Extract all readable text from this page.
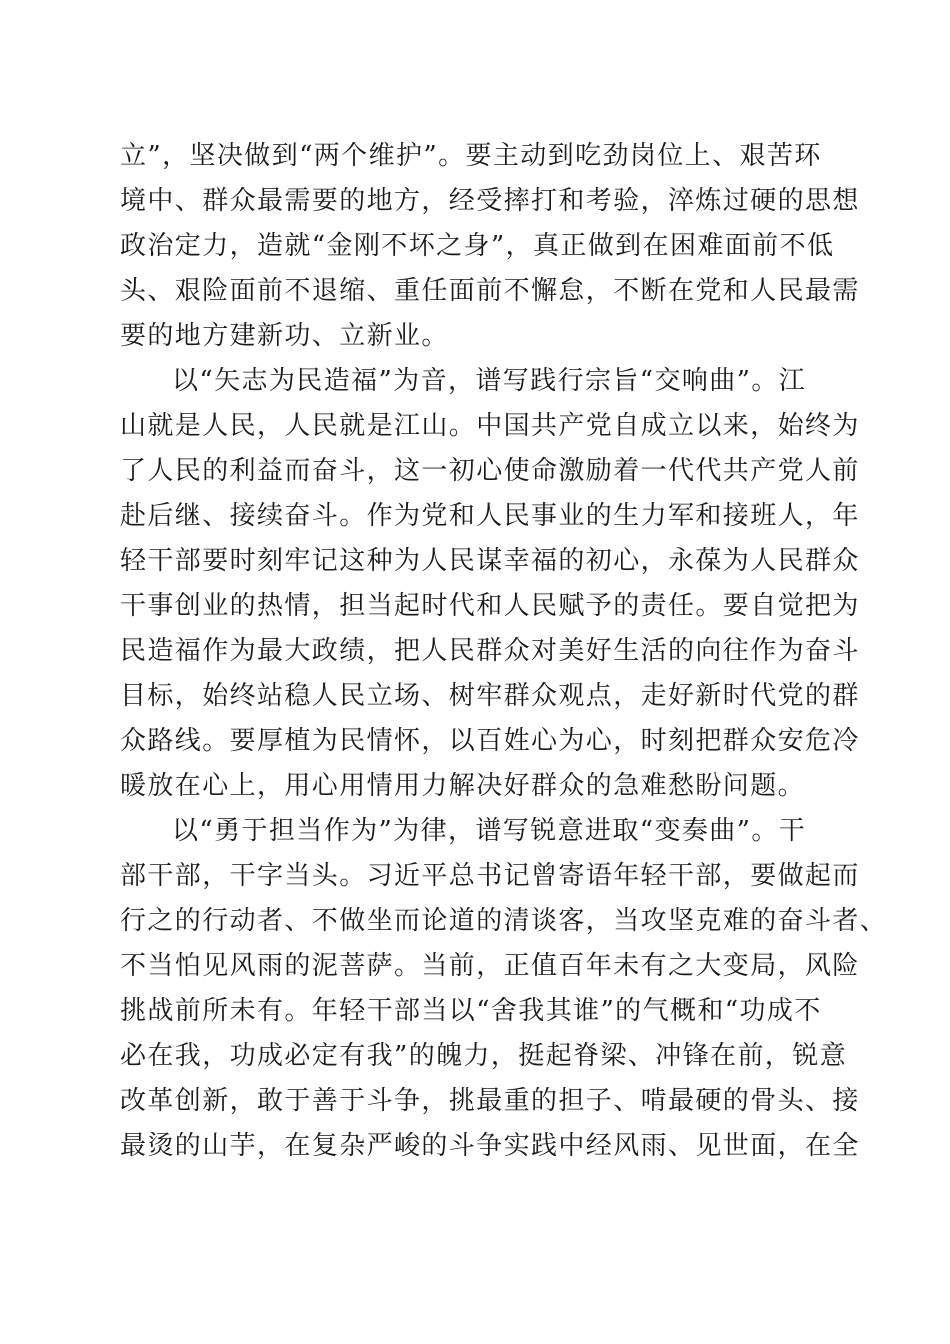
立”，坚决做到“两个维护”。要主动到吃劲岗位上、艰苦环
境中、群众最需要的地方，经受摔打和考验，淬炼过硬的思想
政治定力，造就“金刚不坏之身”，真正做到在困难面前不低
头、艰险面前不退缩、重任面前不懈怠，不断在党和人民最需
要的地方建新功、立新业。
以“矢志为民造福”为音，谱写践行宗旨“交响曲”。江
山就是人民，人民就是江山。中国共产党自成立以来，始终为
了人民的利益而奋斗，这一初心使命激励着一代代共产党人前
赴后继、接续奋斗。作为党和人民事业的生力军和接班人，年
轻干部要时刻牢记这种为人民谋幸福的初心，永葆为人民群众
干事创业的热情，担当起时代和人民赋予的责任。要自觉把为
民造福作为最大政绩，把人民群众对美好生活的向往作为奋斗
目标，始终站稳人民立场、树牢群众观点，走好新时代党的群
众路线。要厚植为民情怀，以百姓心为心，时刻把群众安危冷
暖放在心上，用心用情用力解决好群众的急难愁盼问题。
以“勇于担当作为”为律，谱写锐意进取“变奏曲”。干
部干部，干字当头。习近平总书记曾寄语年轻干部，要做起而
行之的行动者、不做坐而论道的清谈客，当攻坚克难的奋斗者、
不当怕见风雨的泥菩萨。当前，正值百年未有之大变局，风险
挑战前所未有。年轻干部当以“舍我其谁”的气概和“功成不
必在我，功成必定有我”的魄力，挺起脊梁、冲锋在前，锐意
改革创新，敢于善于斗争，挑最重的担子、啃最硬的骨头、接
最烫的山芋，在复杂严峻的斗争实践中经风雨、见世面，在全
